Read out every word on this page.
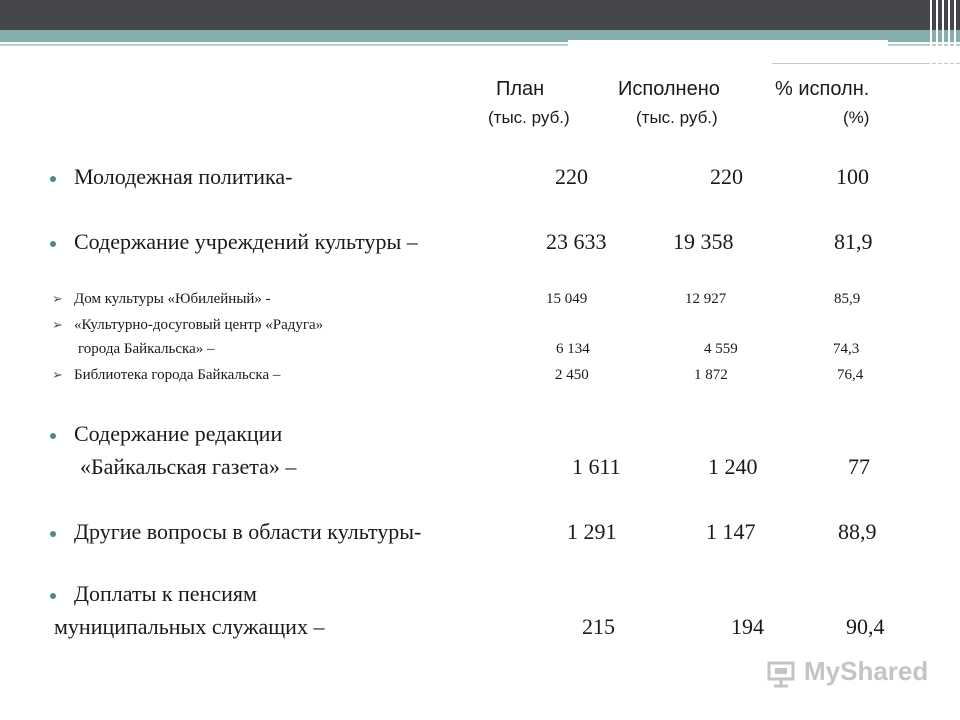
План	Исполнено	% исполн.
(тыс. руб.)	(тыс. руб.)	(%)
Молодежная политика-	220	220	100
Содержание учреждений культуры –	23 633	19 358	81,9
➢ Дом культуры «Юбилейный» -	15 049	12 927	85,9
➢ «Культурно-досуговый центр «Радуга»
города Байкальска» –	6 134	4 559	74,3
➢ Библиотека города Байкальска –	2 450	1 872	76,4
Содержание редакции
«Байкальская газета» –	1 611	1 240	77
Другие вопросы в области культуры-	1 291	1 147	88,9
Доплаты к пенсиям
муниципальных служащих –	215	194	90,4
MyShared
